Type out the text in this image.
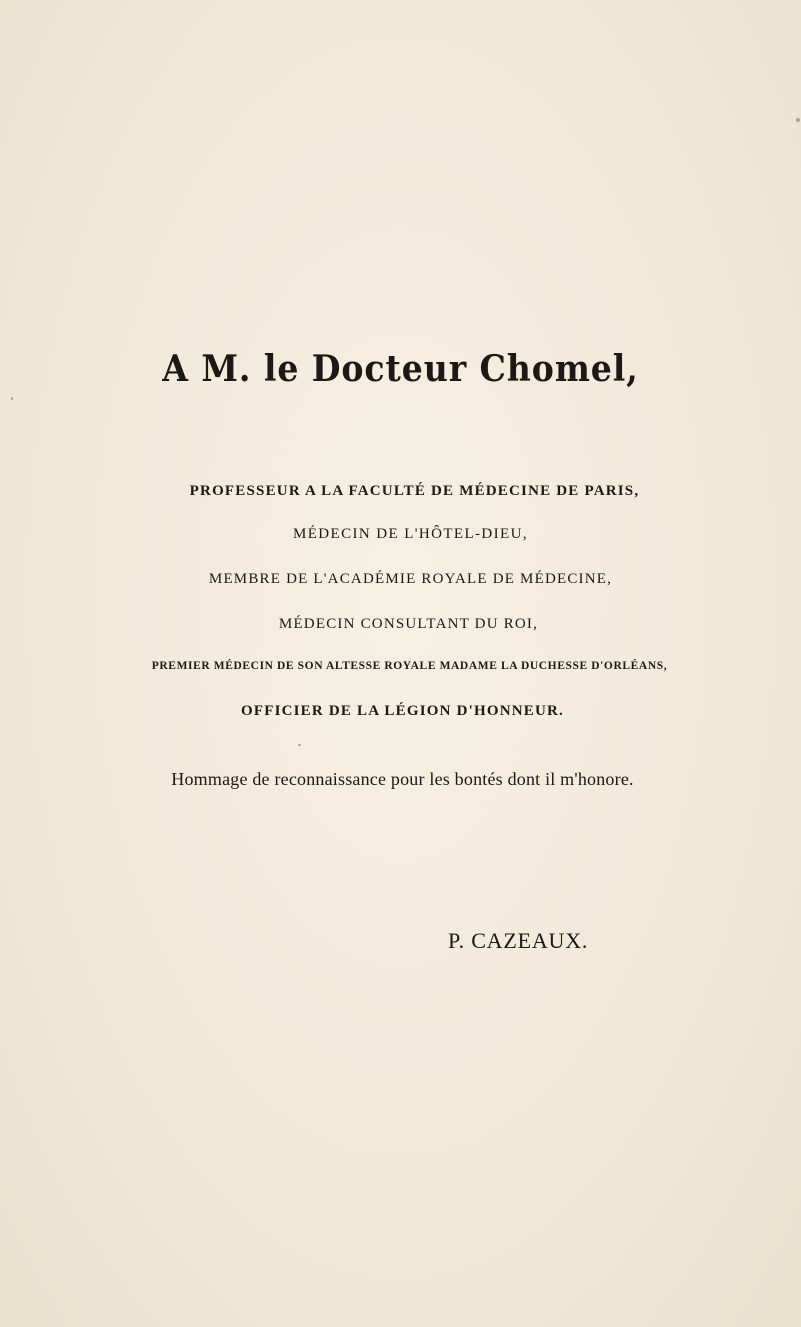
A M. le Docteur Chomel,
PROFESSEUR A LA FACULTÉ DE MÉDECINE DE PARIS,
MÉDECIN DE L'HÔTEL-DIEU,
MEMBRE DE L'ACADÉMIE ROYALE DE MÉDECINE,
MÉDECIN CONSULTANT DU ROI,
PREMIER MÉDECIN DE SON ALTESSE ROYALE MADAME LA DUCHESSE D'ORLÉANS,
OFFICIER DE LA LÉGION D'HONNEUR.
Hommage de reconnaissance pour les bontés dont il m'honore.
P. CAZEAUX.
